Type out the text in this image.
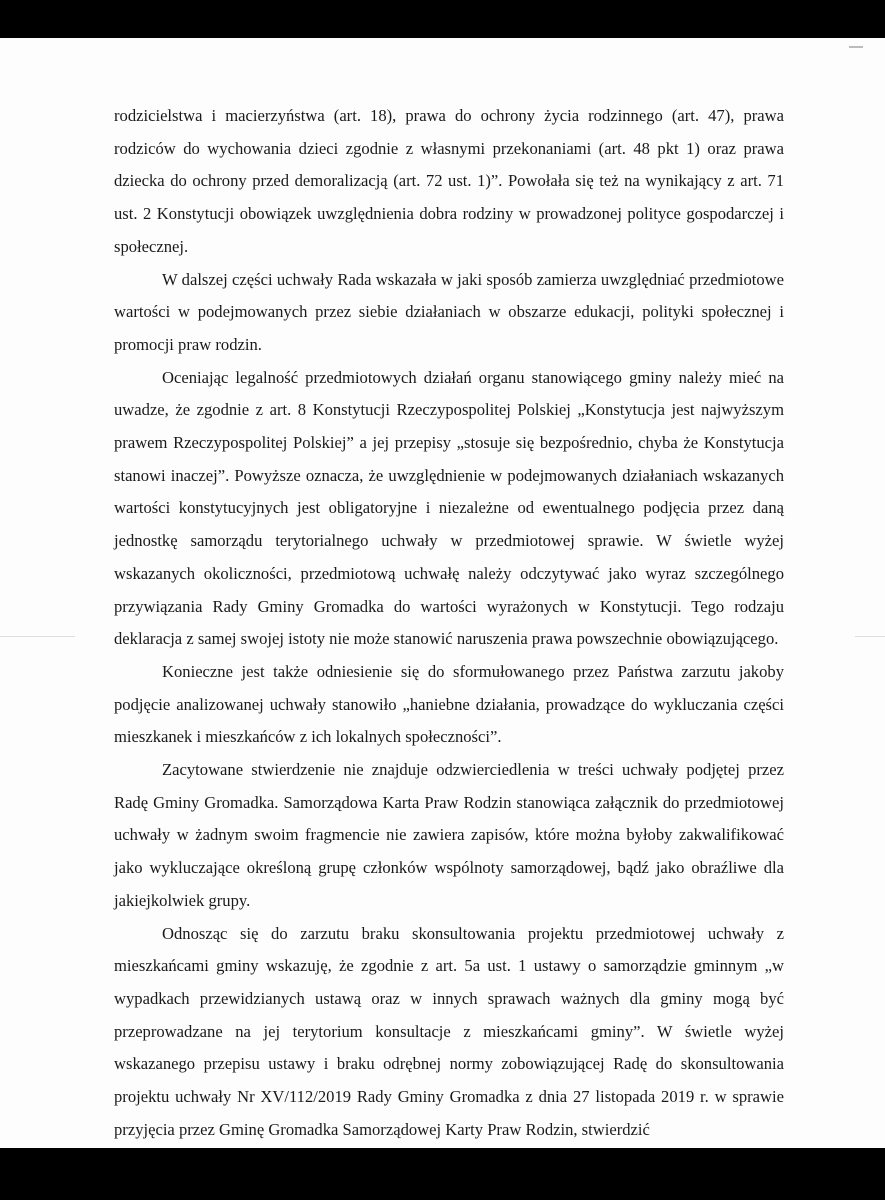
rodzicielstwa i macierzyństwa (art. 18), prawa do ochrony życia rodzinnego (art. 47), prawa rodziców do wychowania dzieci zgodnie z własnymi przekonaniami (art. 48 pkt 1) oraz prawa dziecka do ochrony przed demoralizacją (art. 72 ust. 1)”. Powołała się też na wynikający z art. 71 ust. 2 Konstytucji obowiązek uwzględnienia dobra rodziny w prowadzonej polityce gospodarczej i społecznej.

W dalszej części uchwały Rada wskazała w jaki sposób zamierza uwzględniać przedmiotowe wartości w podejmowanych przez siebie działaniach w obszarze edukacji, polityki społecznej i promocji praw rodzin.

Oceniając legalność przedmiotowych działań organu stanowiącego gminy należy mieć na uwadze, że zgodnie z art. 8 Konstytucji Rzeczypospolitej Polskiej „Konstytucja jest najwyższym prawem Rzeczypospolitej Polskiej” a jej przepisy „stosuje się bezpośrednio, chyba że Konstytucja stanowi inaczej”. Powyższe oznacza, że uwzględnienie w podejmowanych działaniach wskazanych wartości konstytucyjnych jest obligatoryjne i niezależne od ewentualnego podjęcia przez daną jednostkę samorządu terytorialnego uchwały w przedmiotowej sprawie. W świetle wyżej wskazanych okoliczności, przedmiotową uchwałę należy odczytywać jako wyraz szczególnego przywiązania Rady Gminy Gromadka do wartości wyrażonych w Konstytucji. Tego rodzaju deklaracja z samej swojej istoty nie może stanowić naruszenia prawa powszechnie obowiązującego.

Konieczne jest także odniesienie się do sformułowanego przez Państwa zarzutu jakoby podjęcie analizowanej uchwały stanowiło „haniebne działania, prowadzące do wykluczania części mieszkanek i mieszkańców z ich lokalnych społeczności”.

Zacytowane stwierdzenie nie znajduje odzwierciedlenia w treści uchwały podjętej przez Radę Gminy Gromadka. Samorządowa Karta Praw Rodzin stanowiąca załącznik do przedmiotowej uchwały w żadnym swoim fragmencie nie zawiera zapisów, które można byłoby zakwalifikować jako wykluczające określoną grupę członków wspólnoty samorządowej, bądź jako obraźliwe dla jakiejkolwiek grupy.

Odnosząc się do zarzutu braku skonsultowania projektu przedmiotowej uchwały z mieszkańcami gminy wskazuję, że zgodnie z art. 5a ust. 1 ustawy o samorządzie gminnym „w wypadkach przewidzianych ustawą oraz w innych sprawach ważnych dla gminy mogą być przeprowadzane na jej terytorium konsultacje z mieszkańcami gminy”. W świetle wyżej wskazanego przepisu ustawy i braku odrębnej normy zobowiązującej Radę do skonsultowania projektu uchwały Nr XV/112/2019 Rady Gminy Gromadka z dnia 27 listopada 2019 r. w sprawie przyjęcia przez Gminę Gromadka Samorządowej Karty Praw Rodzin, stwierdzić
